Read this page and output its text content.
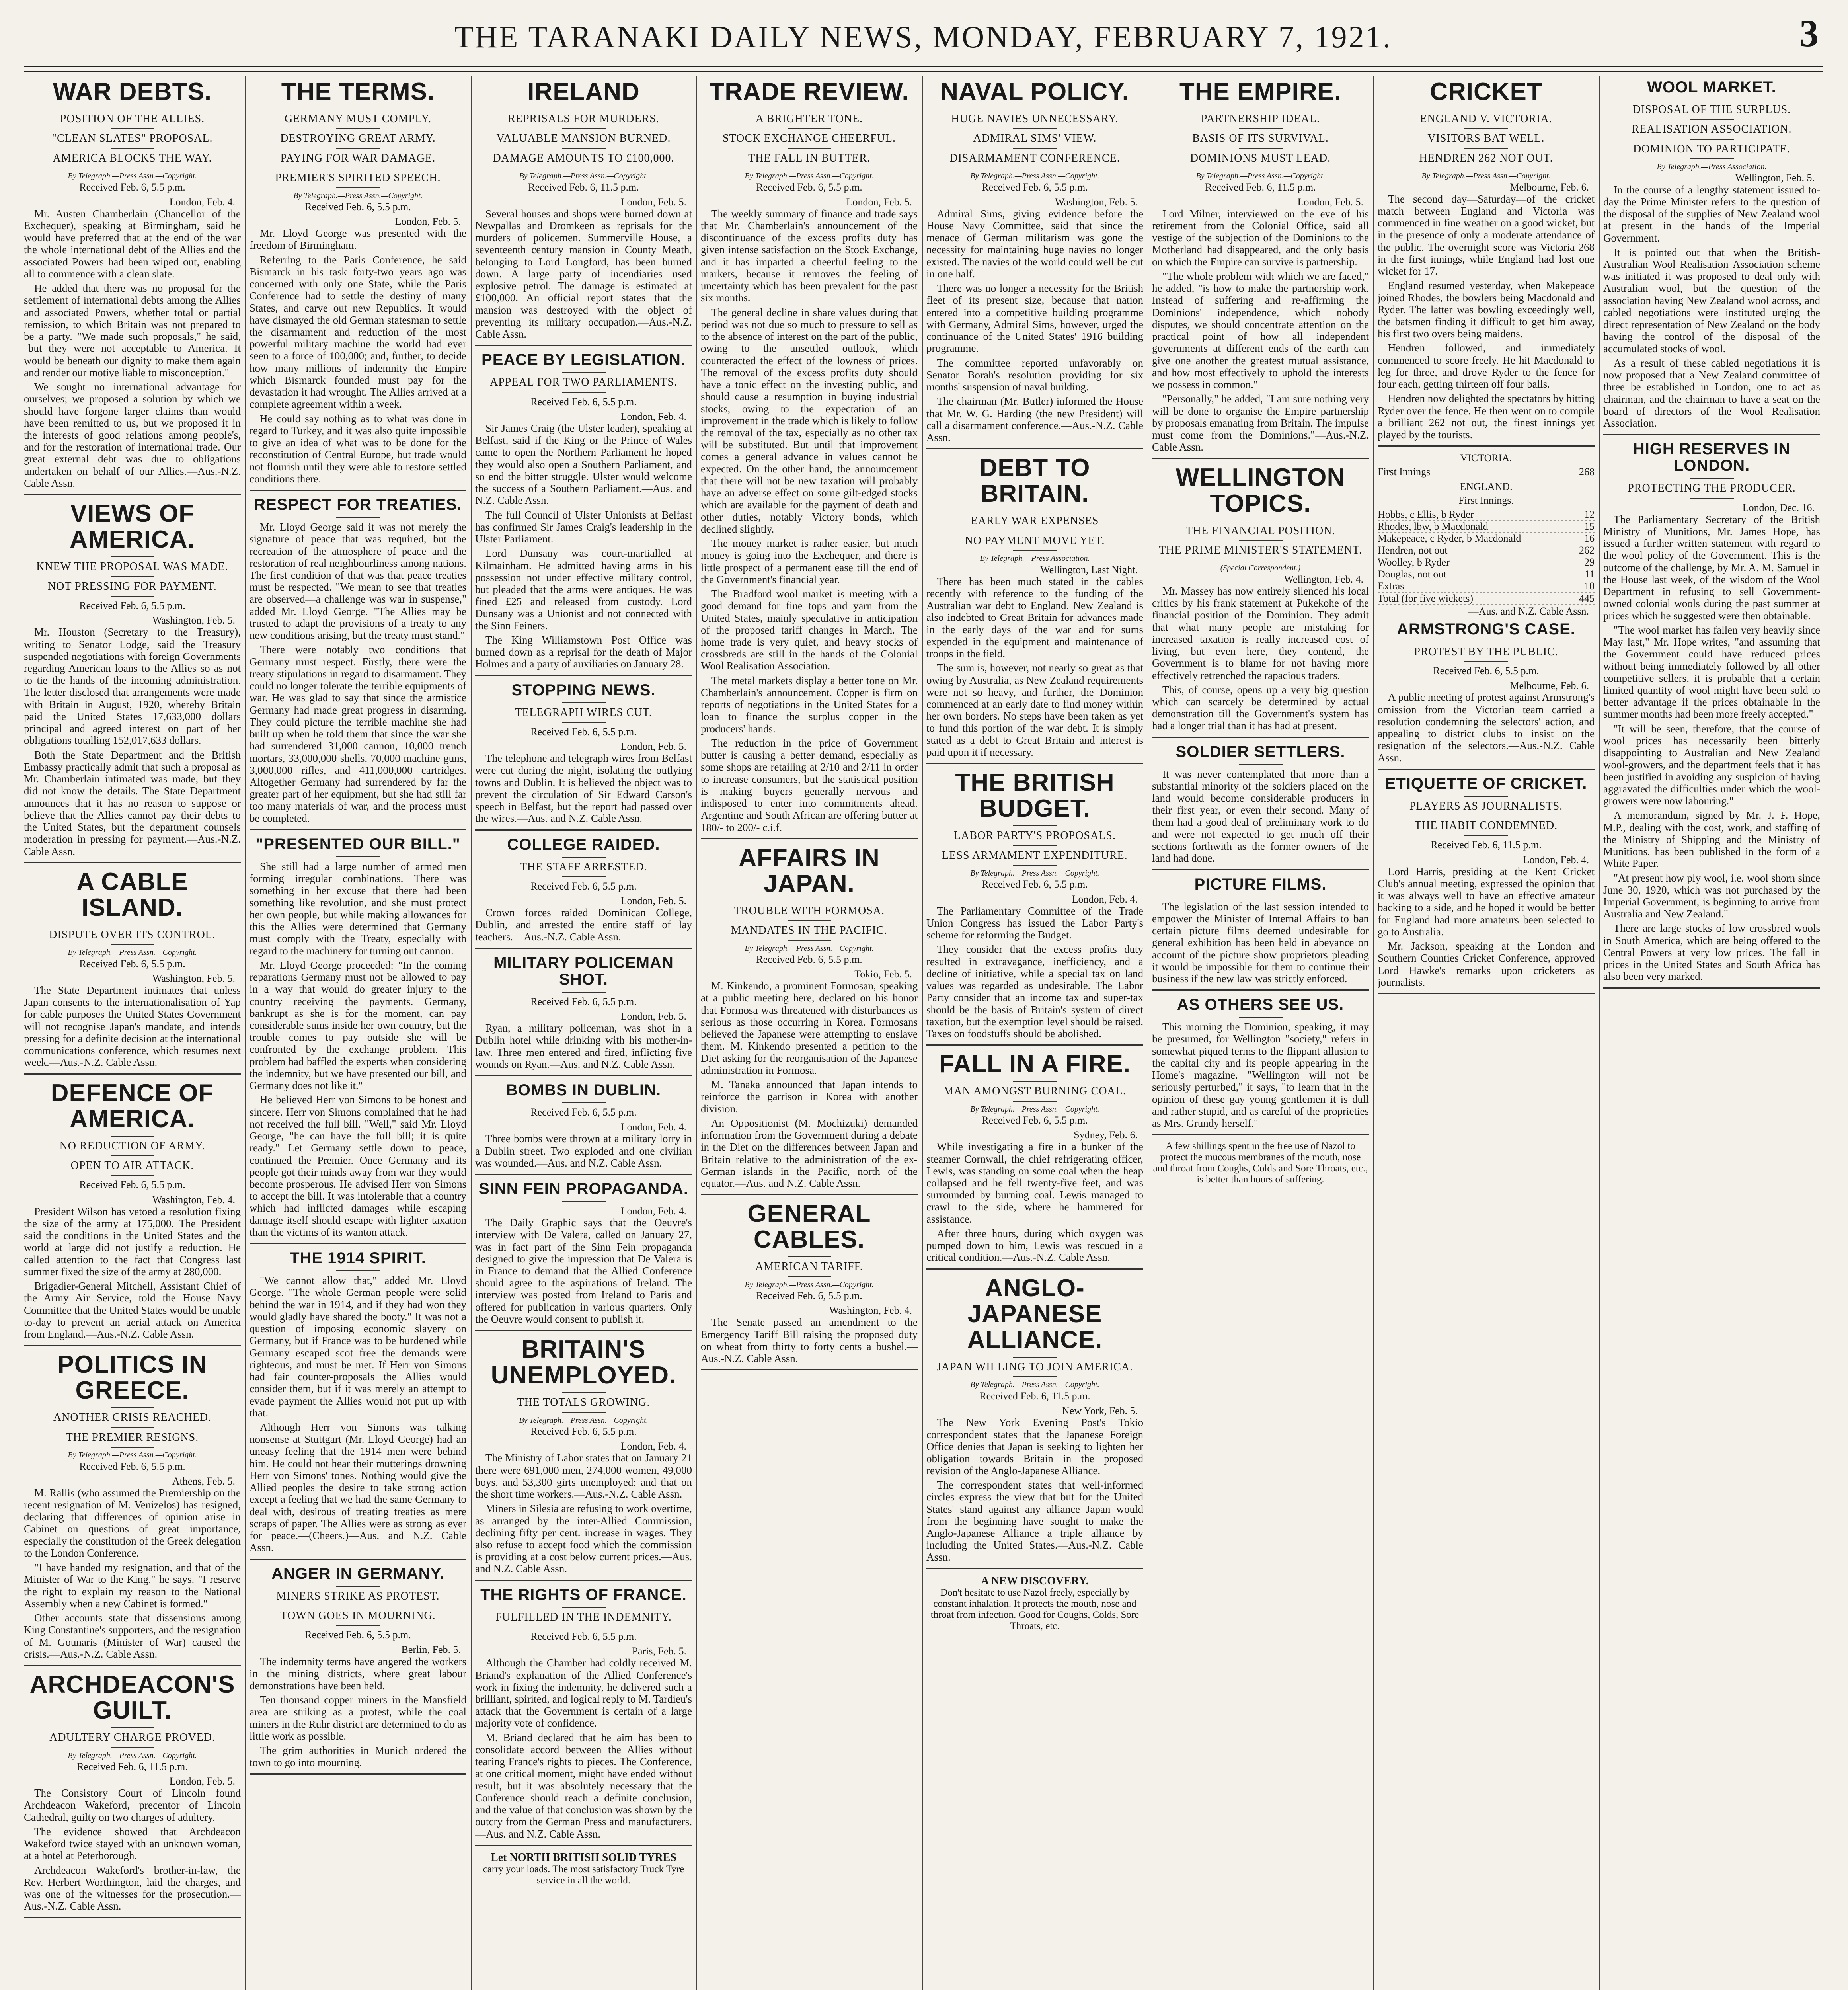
THE TARANAKI DAILY NEWS, MONDAY, FEBRUARY 7, 1921.	3
WAR DEBTS.
POSITION OF THE ALLIES.
"CLEAN SLATES" PROPOSAL.
AMERICA BLOCKS THE WAY.
By Telegraph.—Press Assn.—Copyright.
Received Feb. 6, 5.5 p.m.
London, Feb. 4.

Mr. Austen Chamberlain (Chancellor of the Exchequer), speaking at Birmingham, said he would have preferred that at the end of the war the whole international debt of the Allies and the associated Powers had been wiped out, enabling all to commence with a clean slate.

He added that there was no proposal for the settlement of international debts among the Allies and associated Powers, whether total or partial remission, to which Britain was not prepared to be a party. "We made such proposals," he said, "but they were not acceptable to America. It would be beneath our dignity to make them again and render our motive liable to misconception."

We sought no international advantage for ourselves; we proposed a solution by which we should have forgone larger claims than would have been remitted to us, but we proposed it in the interests of good relations among people's, and for the restoration of international trade. Our great external debt was due to obligations undertaken on behalf of our Allies.—Aus.-N.Z. Cable Assn.

VIEWS OF AMERICA.
KNEW THE PROPOSAL WAS MADE.
NOT PRESSING FOR PAYMENT.
Received Feb. 6, 5.5 p.m.
Washington, Feb. 5.

Mr. Houston (Secretary to the Treasury), writing to Senator Lodge, said the Treasury suspended negotiations with foreign Governments regarding American loans to the Allies so as not to tie the hands of the incoming administration. The letter disclosed that arrangements were made with Britain in August, 1920, whereby Britain paid the United States 17,633,000 dollars principal and agreed interest on part of her obligations totalling 152,017,633 dollars.

Both the State Department and the British Embassy practically admit that such a proposal as Mr. Chamberlain intimated was made, but they did not know the details. The State Department announces that it has no reason to suppose or believe that the Allies cannot pay their debts to the United States, but the department counsels moderation in pressing for payment.—Aus.-N.Z. Cable Assn.

A CABLE ISLAND.
DISPUTE OVER ITS CONTROL.
By Telegraph.—Press Assn.—Copyright.
Received Feb. 6, 5.5 p.m.
Washington, Feb. 5.

The State Department intimates that unless Japan consents to the internationalisation of Yap for cable purposes the United States Government will not recognise Japan's mandate, and intends pressing for a definite decision at the international communications conference, which resumes next week.—Aus.-N.Z. Cable Assn.

DEFENCE OF AMERICA.
NO REDUCTION OF ARMY.
OPEN TO AIR ATTACK.
Received Feb. 6, 5.5 p.m.
Washington, Feb. 4.

President Wilson has vetoed a resolution fixing the size of the army at 175,000. The President said the conditions in the United States and the world at large did not justify a reduction. He called attention to the fact that Congress last summer fixed the size of the army at 280,000.

Brigadier-General Mitchell, Assistant Chief of the Army Air Service, told the House Navy Committee that the United States would be unable to-day to prevent an aerial attack on America from England.—Aus.-N.Z. Cable Assn.

POLITICS IN GREECE.
ANOTHER CRISIS REACHED.
THE PREMIER RESIGNS.
By Telegraph.—Press Assn.—Copyright.
Received Feb. 6, 5.5 p.m.
Athens, Feb. 5.

M. Rallis (who assumed the Premiership on the recent resignation of M. Venizelos) has resigned, declaring that differences of opinion arise in Cabinet on questions of great importance, especially the constitution of the Greek delegation to the London Conference.

"I have handed my resignation, and that of the Minister of War to the King," he says. "I reserve the right to explain my reason to the National Assembly when a new Cabinet is formed."

Other accounts state that dissensions among King Constantine's supporters, and the resignation of M. Gounaris (Minister of War) caused the crisis.—Aus.-N.Z. Cable Assn.

ARCHDEACON'S GUILT.
ADULTERY CHARGE PROVED.
By Telegraph.—Press Assn.—Copyright.
Received Feb. 6, 11.5 p.m.
London, Feb. 5.

The Consistory Court of Lincoln found Archdeacon Wakeford, precentor of Lincoln Cathedral, guilty on two charges of adultery.

The evidence showed that Archdeacon Wakeford twice stayed with an unknown woman, at a hotel at Peterborough.

Archdeacon Wakeford's brother-in-law, the Rev. Herbert Worthington, laid the charges, and was one of the witnesses for the prosecution.—Aus.-N.Z. Cable Assn.

THE TERMS.
GERMANY MUST COMPLY.
DESTROYING GREAT ARMY.
PAYING FOR WAR DAMAGE.
PREMIER'S SPIRITED SPEECH.
By Telegraph.—Press Assn.—Copyright.
Received Feb. 6, 5.5 p.m.
London, Feb. 5.

Mr. Lloyd George was presented with the freedom of Birmingham.

Referring to the Paris Conference, he said Bismarck in his task forty-two years ago was concerned with only one State, while the Paris Conference had to settle the destiny of many States, and carve out new Republics. It would have dismayed the old German statesman to settle the disarmament and reduction of the most powerful military machine the world had ever seen to a force of 100,000; and, further, to decide how many millions of indemnity the Empire which Bismarck founded must pay for the devastation it had wrought. The Allies arrived at a complete agreement within a week.

He could say nothing as to what was done in regard to Turkey, and it was also quite impossible to give an idea of what was to be done for the reconstitution of Central Europe, but trade would not flourish until they were able to restore settled conditions there.

RESPECT FOR TREATIES.

Mr. Lloyd George said it was not merely the signature of peace that was required, but the recreation of the atmosphere of peace and the restoration of real neighbourliness among nations. The first condition of that was that peace treaties must be respected. "We mean to see that treaties are observed—a challenge was war in suspense," added Mr. Lloyd George. "The Allies may be trusted to adapt the provisions of a treaty to any new conditions arising, but the treaty must stand."

There were notably two conditions that Germany must respect. Firstly, there were the treaty stipulations in regard to disarmament. They could no longer tolerate the terrible equipments of war. He was glad to say that since the armistice Germany had made great progress in disarming. They could picture the terrible machine she had built up when he told them that since the war she had surrendered 31,000 cannon, 10,000 trench mortars, 33,000,000 shells, 70,000 machine guns, 3,000,000 rifles, and 411,000,000 cartridges. Altogether Germany had surrendered by far the greater part of her equipment, but she had still far too many materials of war, and the process must be completed.

"PRESENTED OUR BILL."

She still had a large number of armed men forming irregular combinations. There was something in her excuse that there had been something like revolution, and she must protect her own people, but while making allowances for this the Allies were determined that Germany must comply with the Treaty, especially with regard to the machinery for turning out cannon.

Mr. Lloyd George proceeded: "In the coming reparations Germany must not be allowed to pay in a way that would do greater injury to the country receiving the payments. Germany, bankrupt as she is for the moment, can pay considerable sums inside her own country, but the trouble comes to pay outside she will be confronted by the exchange problem. This problem had baffled the experts when considering the indemnity, but we have presented our bill, and Germany does not like it."

He believed Herr von Simons to be honest and sincere. Herr von Simons complained that he had not received the full bill. "Well," said Mr. Lloyd George, "he can have the full bill; it is quite ready." Let Germany settle down to peace, continued the Premier. Once Germany and its people got their minds away from war they would become prosperous. He advised Herr von Simons to accept the bill. It was intolerable that a country which had inflicted damages while escaping damage itself should escape with lighter taxation than the victims of its wanton attack.

THE 1914 SPIRIT.

"We cannot allow that," added Mr. Lloyd George. "The whole German people were solid behind the war in 1914, and if they had won they would gladly have shared the booty." It was not a question of imposing economic slavery on Germany, but if France was to be burdened while Germany escaped scot free the demands were righteous, and must be met. If Herr von Simons had fair counter-proposals the Allies would consider them, but if it was merely an attempt to evade payment the Allies would not put up with that.

Although Herr von Simons was talking nonsense at Stuttgart (Mr. Lloyd George) had an uneasy feeling that the 1914 men were behind him. He could not hear their mutterings drowning Herr von Simons' tones. Nothing would give the Allied peoples the desire to take strong action except a feeling that we had the same Germany to deal with, desirous of treating treaties as mere scraps of paper. The Allies were as strong as ever for peace.—(Cheers.)—Aus. and N.Z. Cable Assn.

ANGER IN GERMANY.
MINERS STRIKE AS PROTEST.
TOWN GOES IN MOURNING.
Received Feb. 6, 5.5 p.m.
Berlin, Feb. 5.

The indemnity terms have angered the workers in the mining districts, where great labour demonstrations have been held.

Ten thousand copper miners in the Mansfield area are striking as a protest, while the coal miners in the Ruhr district are determined to do as little work as possible.

The grim authorities in Munich ordered the town to go into mourning.

IRELAND
REPRISALS FOR MURDERS.
VALUABLE MANSION BURNED.
DAMAGE AMOUNTS TO £100,000.
By Telegraph.—Press Assn.—Copyright.
Received Feb. 6, 11.5 p.m.
London, Feb. 5.

Several houses and shops were burned down at Newpallas and Dromkeen as reprisals for the murders of policemen. Summerville House, a seventeenth century mansion in County Meath, belonging to Lord Longford, has been burned down. A large party of incendiaries used explosive petrol. The damage is estimated at £100,000. An official report states that the mansion was destroyed with the object of preventing its military occupation.—Aus.-N.Z. Cable Assn.

PEACE BY LEGISLATION.
APPEAL FOR TWO PARLIAMENTS.
Received Feb. 6, 5.5 p.m.
London, Feb. 4.

Sir James Craig (the Ulster leader), speaking at Belfast, said if the King or the Prince of Wales came to open the Northern Parliament he hoped they would also open a Southern Parliament, and so end the bitter struggle. Ulster would welcome the success of a Southern Parliament.—Aus. and N.Z. Cable Assn.

The full Council of Ulster Unionists at Belfast has confirmed Sir James Craig's leadership in the Ulster Parliament.

Lord Dunsany was court-martialled at Kilmainham. He admitted having arms in his possession not under effective military control, but pleaded that the arms were antiques. He was fined £25 and released from custody. Lord Dunsany was a Unionist and not connected with the Sinn Feiners.

The King Williamstown Post Office was burned down as a reprisal for the death of Major Holmes and a party of auxiliaries on January 28.

STOPPING NEWS.
TELEGRAPH WIRES CUT.
Received Feb. 6, 5.5 p.m.
London, Feb. 5.

The telephone and telegraph wires from Belfast were cut during the night, isolating the outlying towns and Dublin. It is believed the object was to prevent the circulation of Sir Edward Carson's speech in Belfast, but the report had passed over the wires.—Aus. and N.Z. Cable Assn.

COLLEGE RAIDED.
THE STAFF ARRESTED.
Received Feb. 6, 5.5 p.m.
London, Feb. 5.

Crown forces raided Dominican College, Dublin, and arrested the entire staff of lay teachers.—Aus.-N.Z. Cable Assn.

MILITARY POLICEMAN SHOT.
Received Feb. 6, 5.5 p.m.
London, Feb. 5.

Ryan, a military policeman, was shot in a Dublin hotel while drinking with his mother-in-law. Three men entered and fired, inflicting five wounds on Ryan.—Aus. and N.Z. Cable Assn.

BOMBS IN DUBLIN.
Received Feb. 6, 5.5 p.m.
London, Feb. 4.

Three bombs were thrown at a military lorry in a Dublin street. Two exploded and one civilian was wounded.—Aus. and N.Z. Cable Assn.

SINN FEIN PROPAGANDA.
London, Feb. 4.

The Daily Graphic says that the Oeuvre's interview with De Valera, called on January 27, was in fact part of the Sinn Fein propaganda designed to give the impression that De Valera is in France to demand that the Allied Conference should agree to the aspirations of Ireland. The interview was posted from Ireland to Paris and offered for publication in various quarters. Only the Oeuvre would consent to publish it.

BRITAIN'S UNEMPLOYED.
THE TOTALS GROWING.
By Telegraph.—Press Assn.—Copyright.
Received Feb. 6, 5.5 p.m.
London, Feb. 4.

The Ministry of Labor states that on January 21 there were 691,000 men, 274,000 women, 49,000 boys, and 53,300 girts unemployed; and that on the short time workers.—Aus.-N.Z. Cable Assn.

Miners in Silesia are refusing to work overtime, as arranged by the inter-Allied Commission, declining fifty per cent. increase in wages. They also refuse to accept food which the commission is providing at a cost below current prices.—Aus. and N.Z. Cable Assn.

THE RIGHTS OF FRANCE.
FULFILLED IN THE INDEMNITY.
Received Feb. 6, 5.5 p.m.
Paris, Feb. 5.

Although the Chamber had coldly received M. Briand's explanation of the Allied Conference's work in fixing the indemnity, he delivered such a brilliant, spirited, and logical reply to M. Tardieu's attack that the Government is certain of a large majority vote of confidence.

M. Briand declared that he aim has been to consolidate accord between the Allies without tearing France's rights to pieces. The Conference, at one critical moment, might have ended without result, but it was absolutely necessary that the Conference should reach a definite conclusion, and the value of that conclusion was shown by the outcry from the German Press and manufacturers.—Aus. and N.Z. Cable Assn.

Let NORTH BRITISH SOLID TYRES
carry your loads. The most satisfactory Truck Tyre service in all the world.
TRADE REVIEW.
A BRIGHTER TONE.
STOCK EXCHANGE CHEERFUL.
THE FALL IN BUTTER.
By Telegraph.—Press Assn.—Copyright.
Received Feb. 6, 5.5 p.m.
London, Feb. 5.

The weekly summary of finance and trade says that Mr. Chamberlain's announcement of the discontinuance of the excess profits duty has given intense satisfaction on the Stock Exchange, and it has imparted a cheerful feeling to the markets, because it removes the feeling of uncertainty which has been prevalent for the past six months.

The general decline in share values during that period was not due so much to pressure to sell as to the absence of interest on the part of the public, owing to the unsettled outlook, which counteracted the effect of the lowness of prices. The removal of the excess profits duty should have a tonic effect on the investing public, and should cause a resumption in buying industrial stocks, owing to the expectation of an improvement in the trade which is likely to follow the removal of the tax, especially as no other tax will be substituted. But until that improvement comes a general advance in values cannot be expected. On the other hand, the announcement that there will not be new taxation will probably have an adverse effect on some gilt-edged stocks which are available for the payment of death and other duties, notably Victory bonds, which declined slightly.

The money market is rather easier, but much money is going into the Exchequer, and there is little prospect of a permanent ease till the end of the Government's financial year.

The Bradford wool market is meeting with a good demand for fine tops and yarn from the United States, mainly speculative in anticipation of the proposed tariff changes in March. The home trade is very quiet, and heavy stocks of crossbreds are still in the hands of the Colonial Wool Realisation Association.

The metal markets display a better tone on Mr. Chamberlain's announcement. Copper is firm on reports of negotiations in the United States for a loan to finance the surplus copper in the producers' hands.

The reduction in the price of Government butter is causing a better demand, especially as some shops are retailing at 2/10 and 2/11 in order to increase consumers, but the statistical position is making buyers generally nervous and indisposed to enter into commitments ahead. Argentine and South African are offering butter at 180/- to 200/- c.i.f.

AFFAIRS IN JAPAN.
TROUBLE WITH FORMOSA.
MANDATES IN THE PACIFIC.
By Telegraph.—Press Assn.—Copyright.
Received Feb. 6, 5.5 p.m.
Tokio, Feb. 5.

M. Kinkendo, a prominent Formosan, speaking at a public meeting here, declared on his honor that Formosa was threatened with disturbances as serious as those occurring in Korea. Formosans believed the Japanese were attempting to enslave them. M. Kinkendo presented a petition to the Diet asking for the reorganisation of the Japanese administration in Formosa.

M. Tanaka announced that Japan intends to reinforce the garrison in Korea with another division.

An Oppositionist (M. Mochizuki) demanded information from the Government during a debate in the Diet on the differences between Japan and Britain relative to the administration of the ex-German islands in the Pacific, north of the equator.—Aus. and N.Z. Cable Assn.

GENERAL CABLES.
AMERICAN TARIFF.
By Telegraph.—Press Assn.—Copyright.
Received Feb. 6, 5.5 p.m.
Washington, Feb. 4.

The Senate passed an amendment to the Emergency Tariff Bill raising the proposed duty on wheat from thirty to forty cents a bushel.—Aus.-N.Z. Cable Assn.

NAVAL POLICY.
HUGE NAVIES UNNECESSARY.
ADMIRAL SIMS' VIEW.
DISARMAMENT CONFERENCE.
By Telegraph.—Press Assn.—Copyright.
Received Feb. 6, 5.5 p.m.
Washington, Feb. 5.

Admiral Sims, giving evidence before the House Navy Committee, said that since the menace of German militarism was gone the necessity for maintaining huge navies no longer existed. The navies of the world could well be cut in one half.

There was no longer a necessity for the British fleet of its present size, because that nation entered into a competitive building programme with Germany, Admiral Sims, however, urged the continuance of the United States' 1916 building programme.

The committee reported unfavorably on Senator Borah's resolution providing for six months' suspension of naval building.

The chairman (Mr. Butler) informed the House that Mr. W. G. Harding (the new President) will call a disarmament conference.—Aus.-N.Z. Cable Assn.

DEBT TO BRITAIN.
EARLY WAR EXPENSES
NO PAYMENT MOVE YET.
By Telegraph.—Press Association.
Wellington, Last Night.

There has been much stated in the cables recently with reference to the funding of the Australian war debt to England. New Zealand is also indebted to Great Britain for advances made in the early days of the war and for sums expended in the equipment and maintenance of troops in the field.

The sum is, however, not nearly so great as that owing by Australia, as New Zealand requirements were not so heavy, and further, the Dominion commenced at an early date to find money within her own borders. No steps have been taken as yet to fund this portion of the war debt. It is simply stated as a debt to Great Britain and interest is paid upon it if necessary.

THE BRITISH BUDGET.
LABOR PARTY'S PROPOSALS.
LESS ARMAMENT EXPENDITURE.
By Telegraph.—Press Assn.—Copyright.
Received Feb. 6, 5.5 p.m.
London, Feb. 4.

The Parliamentary Committee of the Trade Union Congress has issued the Labor Party's scheme for reforming the Budget.

They consider that the excess profits duty resulted in extravagance, inefficiency, and a decline of initiative, while a special tax on land values was regarded as undesirable. The Labor Party consider that an income tax and super-tax should be the basis of Britain's system of direct taxation, but the exemption level should be raised. Taxes on foodstuffs should be abolished.

FALL IN A FIRE.
MAN AMONGST BURNING COAL.
By Telegraph.—Press Assn.—Copyright.
Received Feb. 6, 5.5 p.m.
Sydney, Feb. 6.

While investigating a fire in a bunker of the steamer Cornwall, the chief refrigerating officer, Lewis, was standing on some coal when the heap collapsed and he fell twenty-five feet, and was surrounded by burning coal. Lewis managed to crawl to the side, where he hammered for assistance.

After three hours, during which oxygen was pumped down to him, Lewis was rescued in a critical condition.—Aus.-N.Z. Cable Assn.

ANGLO-JAPANESE ALLIANCE.
JAPAN WILLING TO JOIN AMERICA.
By Telegraph.—Press Assn.—Copyright.
Received Feb. 6, 11.5 p.m.
New York, Feb. 5.

The New York Evening Post's Tokio correspondent states that the Japanese Foreign Office denies that Japan is seeking to lighten her obligation towards Britain in the proposed revision of the Anglo-Japanese Alliance.

The correspondent states that well-informed circles express the view that but for the United States' stand against any alliance Japan would from the beginning have sought to make the Anglo-Japanese Alliance a triple alliance by including the United States.—Aus.-N.Z. Cable Assn.

A NEW DISCOVERY.
Don't hesitate to use Nazol freely, especially by constant inhalation. It protects the mouth, nose and throat from infection. Good for Coughs, Colds, Sore Throats, etc.
THE EMPIRE.
PARTNERSHIP IDEAL.
BASIS OF ITS SURVIVAL.
DOMINIONS MUST LEAD.
By Telegraph.—Press Assn.—Copyright.
Received Feb. 6, 11.5 p.m.
London, Feb. 5.

Lord Milner, interviewed on the eve of his retirement from the Colonial Office, said all vestige of the subjection of the Dominions to the Motherland had disappeared, and the only basis on which the Empire can survive is partnership.

"The whole problem with which we are faced," he added, "is how to make the partnership work. Instead of suffering and re-affirming the Dominions' independence, which nobody disputes, we should concentrate attention on the practical point of how all independent governments at different ends of the earth can give one another the greatest mutual assistance, and how most effectively to uphold the interests we possess in common."

"Personally," he added, "I am sure nothing very will be done to organise the Empire partnership by proposals emanating from Britain. The impulse must come from the Dominions."—Aus.-N.Z. Cable Assn.

WELLINGTON TOPICS.
THE FINANCIAL POSITION.
THE PRIME MINISTER'S STATEMENT.
(Special Correspondent.)
Wellington, Feb. 4.

Mr. Massey has now entirely silenced his local critics by his frank statement at Pukekohe of the financial position of the Dominion. They admit that what many people are mistaking for increased taxation is really increased cost of living, but even here, they contend, the Government is to blame for not having more effectively retrenched the rapacious traders.

This, of course, opens up a very big question which can scarcely be determined by actual demonstration till the Government's system has had a longer trial than it has had at present.

SOLDIER SETTLERS.

It was never contemplated that more than a substantial minority of the soldiers placed on the land would become considerable producers in their first year, or even their second. Many of them had a good deal of preliminary work to do and were not expected to get much off their sections forthwith as the former owners of the land had done.

PICTURE FILMS.

The legislation of the last session intended to empower the Minister of Internal Affairs to ban certain picture films deemed undesirable for general exhibition has been held in abeyance on account of the picture show proprietors pleading it would be impossible for them to continue their business if the new law was strictly enforced.

AS OTHERS SEE US.

This morning the Dominion, speaking, it may be presumed, for Wellington "society," refers in somewhat piqued terms to the flippant allusion to the capital city and its people appearing in the Home's magazine. "Wellington will not be seriously perturbed," it says, "to learn that in the opinion of these gay young gentlemen it is dull and rather stupid, and as careful of the proprieties as Mrs. Grundy herself."

A few shillings spent in the free use of Nazol to protect the mucous membranes of the mouth, nose and throat from Coughs, Colds and Sore Throats, etc., is better than hours of suffering.
CRICKET
ENGLAND V. VICTORIA.
VISITORS BAT WELL.
HENDREN 262 NOT OUT.
By Telegraph.—Press Assn.—Copyright.
Melbourne, Feb. 6.

The second day—Saturday—of the cricket match between England and Victoria was commenced in fine weather on a good wicket, but in the presence of only a moderate attendance of the public. The overnight score was Victoria 268 in the first innings, while England had lost one wicket for 17.

England resumed yesterday, when Makepeace joined Rhodes, the bowlers being Macdonald and Ryder. The latter was bowling exceedingly well, the batsmen finding it difficult to get him away, his first two overs being maidens.

Hendren followed, and immediately commenced to score freely. He hit Macdonald to leg for three, and drove Ryder to the fence for four each, getting thirteen off four balls.

Hendren now delighted the spectators by hitting Ryder over the fence. He then went on to compile a brilliant 262 not out, the finest innings yet played by the tourists.

VICTORIA.
First Innings	268
ENGLAND.
First Innings.
Hobbs, c Ellis, b Ryder	12
Rhodes, lbw, b Macdonald	15
Makepeace, c Ryder, b Macdonald	16
Hendren, not out	262
Woolley, b Ryder	29
Douglas, not out	11
Extras	10
Total (for five wickets)	445
—Aus. and N.Z. Cable Assn.
ARMSTRONG'S CASE.
PROTEST BY THE PUBLIC.
Received Feb. 6, 5.5 p.m.
Melbourne, Feb. 6.

A public meeting of protest against Armstrong's omission from the Victorian team carried a resolution condemning the selectors' action, and appealing to district clubs to insist on the resignation of the selectors.—Aus.-N.Z. Cable Assn.

ETIQUETTE OF CRICKET.
PLAYERS AS JOURNALISTS.
THE HABIT CONDEMNED.
Received Feb. 6, 11.5 p.m.
London, Feb. 4.

Lord Harris, presiding at the Kent Cricket Club's annual meeting, expressed the opinion that it was always well to have an effective amateur backing to a side, and he hoped it would be better for England had more amateurs been selected to go to Australia.

Mr. Jackson, speaking at the London and Southern Counties Cricket Conference, approved Lord Hawke's remarks upon cricketers as journalists.

WOOL MARKET.
DISPOSAL OF THE SURPLUS.
REALISATION ASSOCIATION.
DOMINION TO PARTICIPATE.
By Telegraph.—Press Association.
Wellington, Feb. 5.

In the course of a lengthy statement issued to-day the Prime Minister refers to the question of the disposal of the supplies of New Zealand wool at present in the hands of the Imperial Government.

It is pointed out that when the British-Australian Wool Realisation Association scheme was initiated it was proposed to deal only with Australian wool, but the question of the association having New Zealand wool across, and cabled negotiations were instituted urging the direct representation of New Zealand on the body having the control of the disposal of the accumulated stocks of wool.

As a result of these cabled negotiations it is now proposed that a New Zealand committee of three be established in London, one to act as chairman, and the chairman to have a seat on the board of directors of the Wool Realisation Association.

HIGH RESERVES IN LONDON.
PROTECTING THE PRODUCER.
London, Dec. 16.

The Parliamentary Secretary of the British Ministry of Munitions, Mr. James Hope, has issued a further written statement with regard to the wool policy of the Government. This is the outcome of the challenge, by Mr. A. M. Samuel in the House last week, of the wisdom of the Wool Department in refusing to sell Government-owned colonial wools during the past summer at prices which he suggested were then obtainable.

"The wool market has fallen very heavily since May last," Mr. Hope writes, "and assuming that the Government could have reduced prices without being immediately followed by all other competitive sellers, it is probable that a certain limited quantity of wool might have been sold to better advantage if the prices obtainable in the summer months had been more freely accepted."

"It will be seen, therefore, that the course of wool prices has necessarily been bitterly disappointing to Australian and New Zealand wool-growers, and the department feels that it has been justified in avoiding any suspicion of having aggravated the difficulties under which the wool-growers were now labouring."

A memorandum, signed by Mr. J. F. Hope, M.P., dealing with the cost, work, and staffing of the Ministry of Shipping and the Ministry of Munitions, has been published in the form of a White Paper.

"At present how ply wool, i.e. wool shorn since June 30, 1920, which was not purchased by the Imperial Government, is beginning to arrive from Australia and New Zealand."

There are large stocks of low crossbred wools in South America, which are being offered to the Central Powers at very low prices. The fall in prices in the United States and South Africa has also been very marked.
